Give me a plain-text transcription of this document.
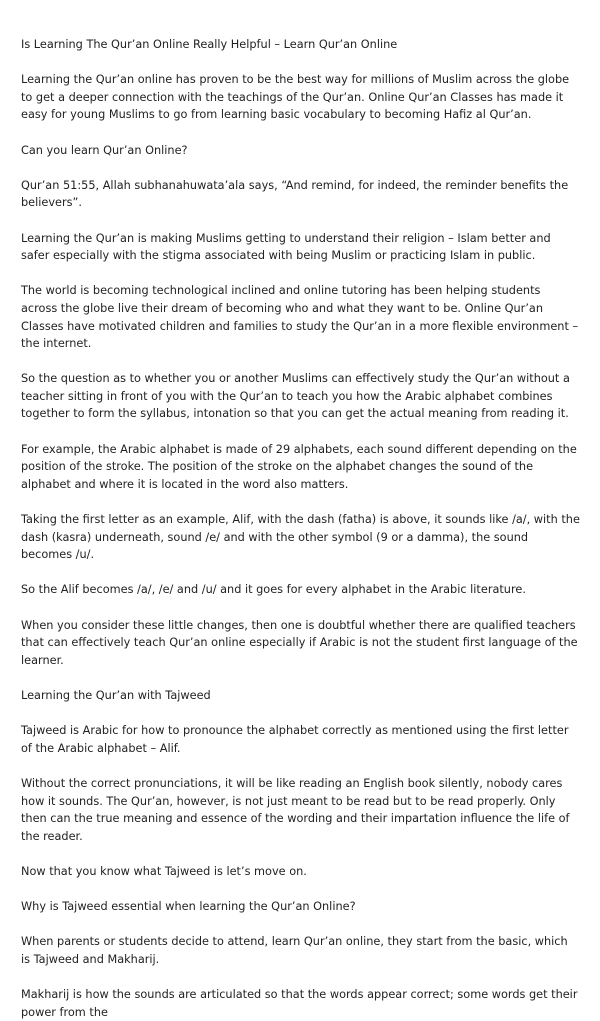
Is Learning The Qur’an Online Really Helpful – Learn Qur’an Online

Learning the Qur’an online has proven to be the best way for millions of Muslim across the globe to get a deeper connection with the teachings of the Qur’an. Online Qur’an Classes has made it easy for young Muslims to go from learning basic vocabulary to becoming Hafiz al Qur’an.

Can you learn Qur’an Online?

Qur’an 51:55, Allah subhanahuwata’ala says, “And remind, for indeed, the reminder benefits the believers”.

Learning the Qur’an is making Muslims getting to understand their religion – Islam better and safer especially with the stigma associated with being Muslim or practicing Islam in public.

The world is becoming technological inclined and online tutoring has been helping students across the globe live their dream of becoming who and what they want to be. Online Qur’an Classes have motivated children and families to study the Qur’an in a more flexible environment – the internet.

So the question as to whether you or another Muslims can effectively study the Qur’an without a teacher sitting in front of you with the Qur’an to teach you how the Arabic alphabet combines together to form the syllabus, intonation so that you can get the actual meaning from reading it.

For example, the Arabic alphabet is made of 29 alphabets, each sound different depending on the position of the stroke. The position of the stroke on the alphabet changes the sound of the alphabet and where it is located in the word also matters.

Taking the first letter as an example, Alif, with the dash (fatha) is above, it sounds like /a/, with the dash (kasra) underneath, sound /e/ and with the other symbol (9 or a damma), the sound becomes /u/.

So the Alif becomes /a/, /e/ and /u/ and it goes for every alphabet in the Arabic literature.

When you consider these little changes, then one is doubtful whether there are qualified teachers that can effectively teach Qur’an online especially if Arabic is not the student first language of the learner.

Learning the Qur’an with Tajweed

Tajweed is Arabic for how to pronounce the alphabet correctly as mentioned using the first letter of the Arabic alphabet – Alif.

Without the correct pronunciations, it will be like reading an English book silently, nobody cares how it sounds. The Qur’an, however, is not just meant to be read but to be read properly. Only then can the true meaning and essence of the wording and their impartation influence the life of the reader.

Now that you know what Tajweed is let’s move on.

Why is Tajweed essential when learning the Qur’an Online?

When parents or students decide to attend, learn Qur’an online, they start from the basic, which is Tajweed and Makharij.

Makharij is how the sounds are articulated so that the words appear correct; some words get their power from the
